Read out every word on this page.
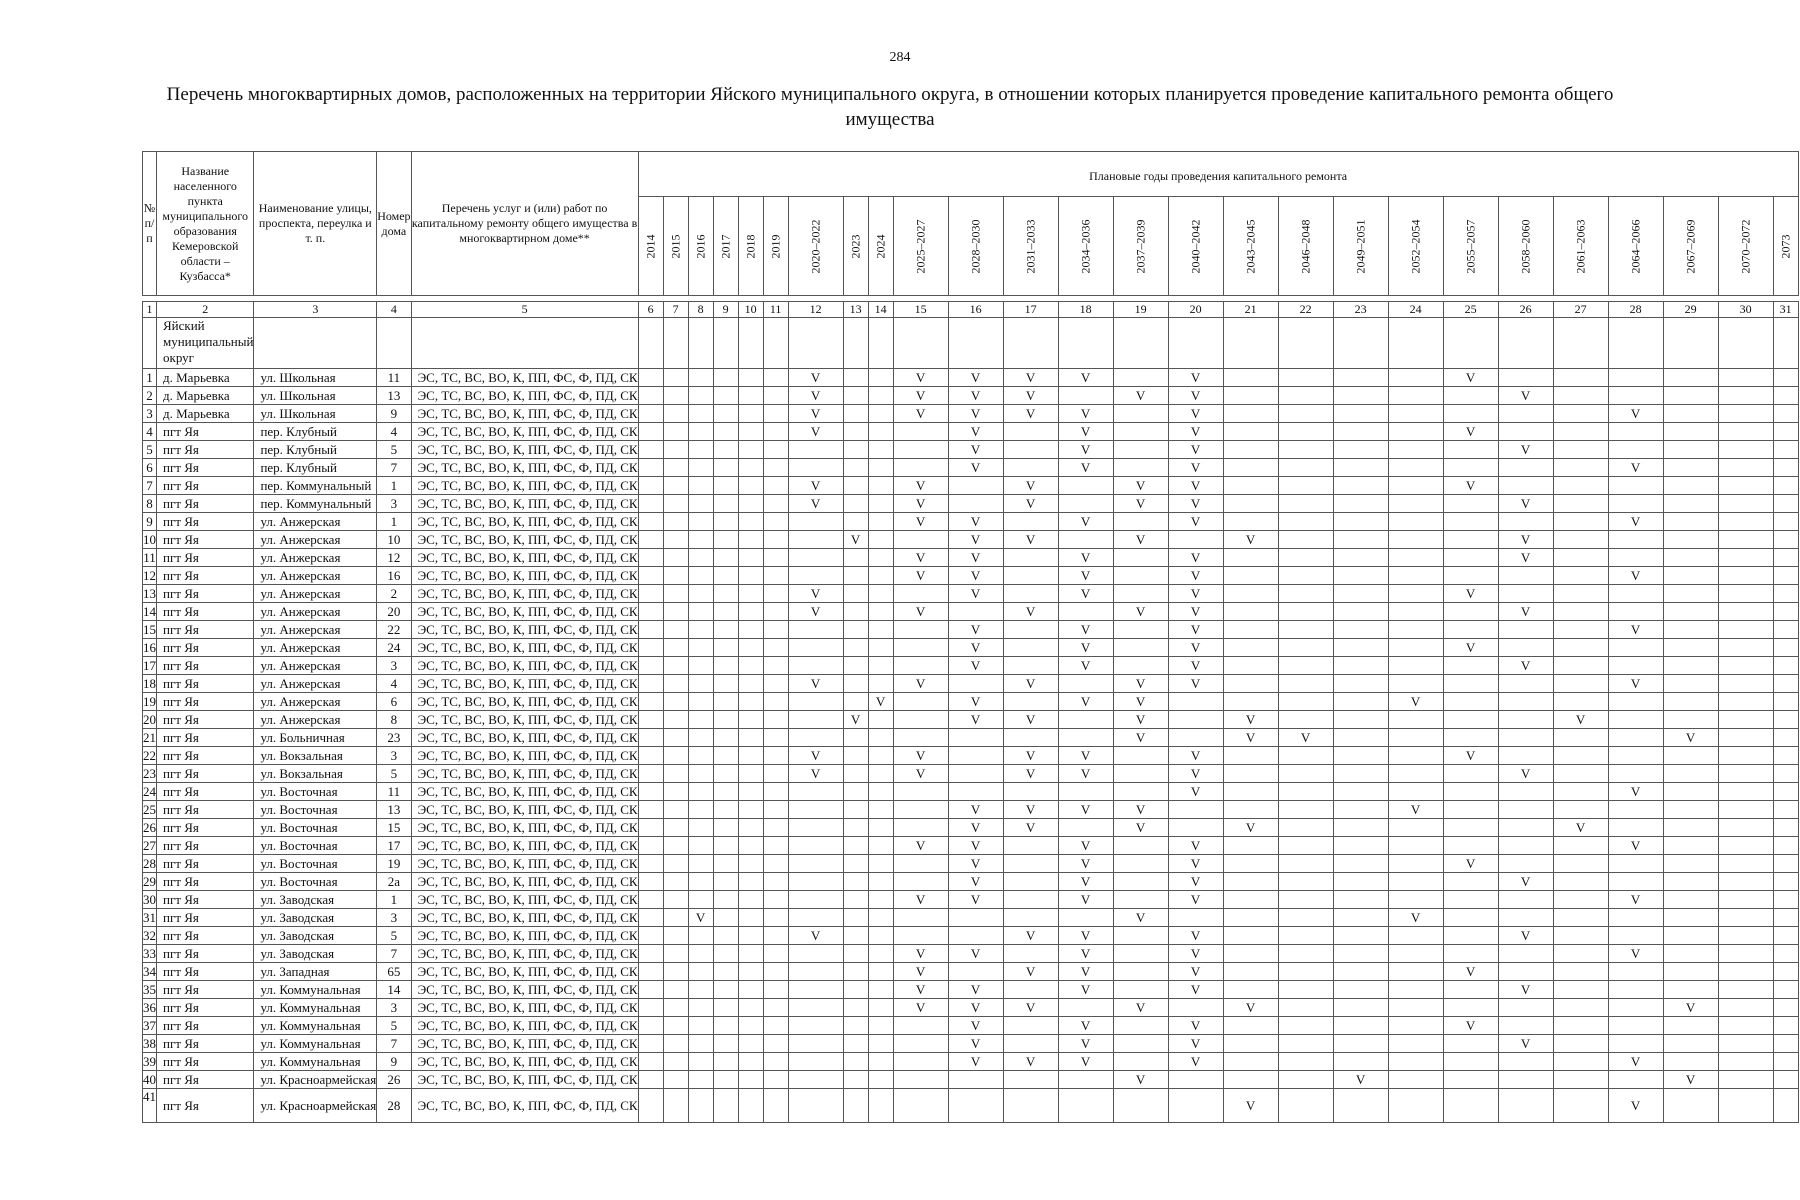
284
Перечень многоквартирных домов, расположенных на территории Яйского муниципального округа, в отношении которых планируется проведение капитального ремонта общего имущества
№ п/п	Название населенного пункта муниципального образования Кемеровской области – Кузбасса*	Наименование улицы, проспекта, переулка и т. п.	Номер дома	Перечень услуг и (или) работ по капитальному ремонту общего имущества в многоквартирном доме**	Плановые годы проведения капитального ремонта																									
					2014	2015	2016	2017	2018	2019	2020–2022	2023	2024	2025–2027	2028–2030	2031–2033	2034–2036	2037–2039	2040–2042	2043–2045	2046–2048	2049–2051	2052–2054	2055–2057	2058–2060	2061–2063	2064–2066	2067–2069	2070–2072	2073

1	2	3	4	5	6	7	8	9	10	11	12	13	14	15	16	17	18	19	20	21	22	23	24	25	26	27	28	29	30	31
	Яйский муниципальный округ																													
1	д. Марьевка	ул. Школьная	11	ЭС, ТС, ВС, ВО, К, ПП, ФС, Ф, ПД, СК							V			V	V	V	V		V					V						
2	д. Марьевка	ул. Школьная	13	ЭС, ТС, ВС, ВО, К, ПП, ФС, Ф, ПД, СК							V			V	V	V		V	V						V					
3	д. Марьевка	ул. Школьная	9	ЭС, ТС, ВС, ВО, К, ПП, ФС, Ф, ПД, СК							V			V	V	V	V		V								V			
4	пгт Яя	пер. Клубный	4	ЭС, ТС, ВС, ВО, К, ПП, ФС, Ф, ПД, СК							V				V		V		V					V						
5	пгт Яя	пер. Клубный	5	ЭС, ТС, ВС, ВО, К, ПП, ФС, Ф, ПД, СК											V		V		V						V					
6	пгт Яя	пер. Клубный	7	ЭС, ТС, ВС, ВО, К, ПП, ФС, Ф, ПД, СК											V		V		V								V			
7	пгт Яя	пер. Коммунальный	1	ЭС, ТС, ВС, ВО, К, ПП, ФС, Ф, ПД, СК							V			V		V		V	V					V						
8	пгт Яя	пер. Коммунальный	3	ЭС, ТС, ВС, ВО, К, ПП, ФС, Ф, ПД, СК							V			V		V		V	V						V					
9	пгт Яя	ул. Анжерская	1	ЭС, ТС, ВС, ВО, К, ПП, ФС, Ф, ПД, СК										V	V		V		V								V			
10	пгт Яя	ул. Анжерская	10	ЭС, ТС, ВС, ВО, К, ПП, ФС, Ф, ПД, СК								V			V	V		V		V					V					
11	пгт Яя	ул. Анжерская	12	ЭС, ТС, ВС, ВО, К, ПП, ФС, Ф, ПД, СК										V	V		V		V						V					
12	пгт Яя	ул. Анжерская	16	ЭС, ТС, ВС, ВО, К, ПП, ФС, Ф, ПД, СК										V	V		V		V								V			
13	пгт Яя	ул. Анжерская	2	ЭС, ТС, ВС, ВО, К, ПП, ФС, Ф, ПД, СК							V				V		V		V					V						
14	пгт Яя	ул. Анжерская	20	ЭС, ТС, ВС, ВО, К, ПП, ФС, Ф, ПД, СК							V			V		V		V	V						V					
15	пгт Яя	ул. Анжерская	22	ЭС, ТС, ВС, ВО, К, ПП, ФС, Ф, ПД, СК											V		V		V								V			
16	пгт Яя	ул. Анжерская	24	ЭС, ТС, ВС, ВО, К, ПП, ФС, Ф, ПД, СК											V		V		V					V						
17	пгт Яя	ул. Анжерская	3	ЭС, ТС, ВС, ВО, К, ПП, ФС, Ф, ПД, СК											V		V		V						V					
18	пгт Яя	ул. Анжерская	4	ЭС, ТС, ВС, ВО, К, ПП, ФС, Ф, ПД, СК							V			V		V		V	V								V			
19	пгт Яя	ул. Анжерская	6	ЭС, ТС, ВС, ВО, К, ПП, ФС, Ф, ПД, СК									V		V		V	V					V							
20	пгт Яя	ул. Анжерская	8	ЭС, ТС, ВС, ВО, К, ПП, ФС, Ф, ПД, СК								V			V	V		V		V						V				
21	пгт Яя	ул. Больничная	23	ЭС, ТС, ВС, ВО, К, ПП, ФС, Ф, ПД, СК														V		V	V							V		
22	пгт Яя	ул. Вокзальная	3	ЭС, ТС, ВС, ВО, К, ПП, ФС, Ф, ПД, СК							V			V		V	V		V					V						
23	пгт Яя	ул. Вокзальная	5	ЭС, ТС, ВС, ВО, К, ПП, ФС, Ф, ПД, СК							V			V		V	V		V						V					
24	пгт Яя	ул. Восточная	11	ЭС, ТС, ВС, ВО, К, ПП, ФС, Ф, ПД, СК															V								V			
25	пгт Яя	ул. Восточная	13	ЭС, ТС, ВС, ВО, К, ПП, ФС, Ф, ПД, СК											V	V	V	V					V							
26	пгт Яя	ул. Восточная	15	ЭС, ТС, ВС, ВО, К, ПП, ФС, Ф, ПД, СК											V	V		V		V						V				
27	пгт Яя	ул. Восточная	17	ЭС, ТС, ВС, ВО, К, ПП, ФС, Ф, ПД, СК										V	V		V		V								V			
28	пгт Яя	ул. Восточная	19	ЭС, ТС, ВС, ВО, К, ПП, ФС, Ф, ПД, СК											V		V		V					V						
29	пгт Яя	ул. Восточная	2а	ЭС, ТС, ВС, ВО, К, ПП, ФС, Ф, ПД, СК											V		V		V						V					
30	пгт Яя	ул. Заводская	1	ЭС, ТС, ВС, ВО, К, ПП, ФС, Ф, ПД, СК										V	V		V		V								V			
31	пгт Яя	ул. Заводская	3	ЭС, ТС, ВС, ВО, К, ПП, ФС, Ф, ПД, СК			V											V					V							
32	пгт Яя	ул. Заводская	5	ЭС, ТС, ВС, ВО, К, ПП, ФС, Ф, ПД, СК							V					V	V		V						V					
33	пгт Яя	ул. Заводская	7	ЭС, ТС, ВС, ВО, К, ПП, ФС, Ф, ПД, СК										V	V		V		V								V			
34	пгт Яя	ул. Западная	65	ЭС, ТС, ВС, ВО, К, ПП, ФС, Ф, ПД, СК										V		V	V		V					V						
35	пгт Яя	ул. Коммунальная	14	ЭС, ТС, ВС, ВО, К, ПП, ФС, Ф, ПД, СК										V	V		V		V						V					
36	пгт Яя	ул. Коммунальная	3	ЭС, ТС, ВС, ВО, К, ПП, ФС, Ф, ПД, СК										V	V	V		V		V								V		
37	пгт Яя	ул. Коммунальная	5	ЭС, ТС, ВС, ВО, К, ПП, ФС, Ф, ПД, СК											V		V		V					V						
38	пгт Яя	ул. Коммунальная	7	ЭС, ТС, ВС, ВО, К, ПП, ФС, Ф, ПД, СК											V		V		V						V					
39	пгт Яя	ул. Коммунальная	9	ЭС, ТС, ВС, ВО, К, ПП, ФС, Ф, ПД, СК											V	V	V		V								V			
40	пгт Яя	ул. Красноармейская	26	ЭС, ТС, ВС, ВО, К, ПП, ФС, Ф, ПД, СК														V				V						V		
41	пгт Яя	ул. Красноармейская	28	ЭС, ТС, ВС, ВО, К, ПП, ФС, Ф, ПД, СК																V							V			
